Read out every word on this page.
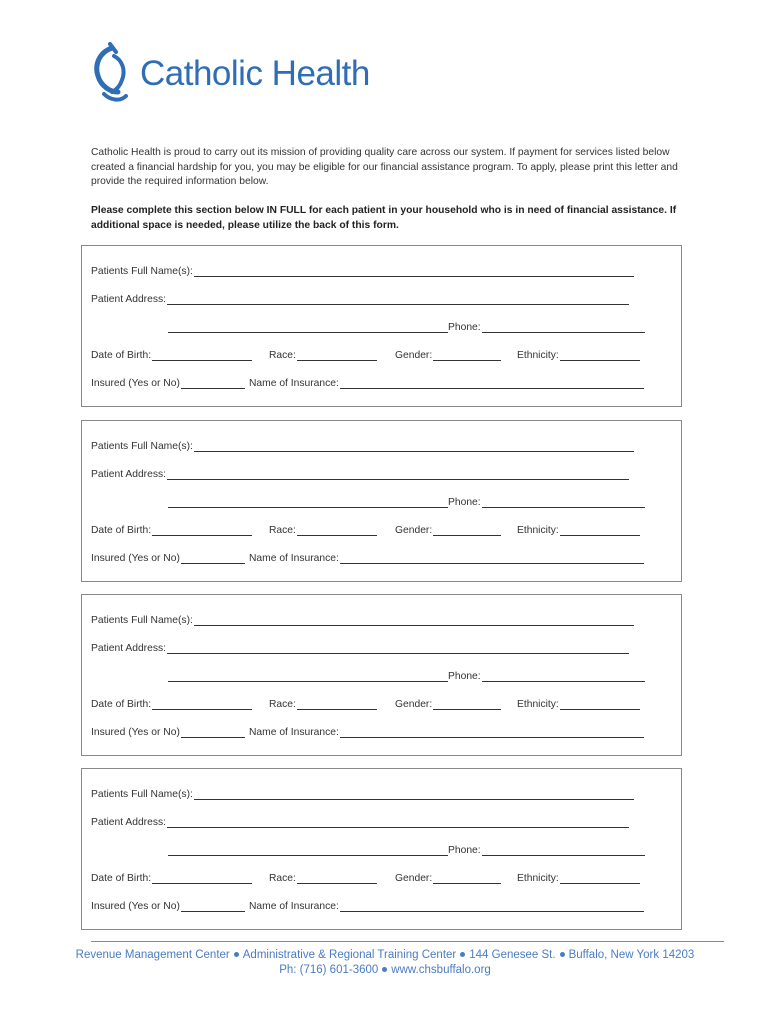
Catholic Health

Catholic Health is proud to carry out its mission of providing quality care across our system. If payment for services listed below created a financial hardship for you, you may be eligible for our financial assistance program. To apply, please print this letter and provide the required information below.

Please complete this section below IN FULL for each patient in your household who is in need of financial assistance. If additional space is needed, please utilize the back of this form.

Patients Full Name(s):
Patient Address:
Phone:
Date of Birth:	Race:	Gender:	Ethnicity:
Insured (Yes or No)	Name of Insurance:
Patients Full Name(s):
Patient Address:
Phone:
Date of Birth:	Race:	Gender:	Ethnicity:
Insured (Yes or No)	Name of Insurance:
Patients Full Name(s):
Patient Address:
Phone:
Date of Birth:	Race:	Gender:	Ethnicity:
Insured (Yes or No)	Name of Insurance:
Patients Full Name(s):
Patient Address:
Phone:
Date of Birth:	Race:	Gender:	Ethnicity:
Insured (Yes or No)	Name of Insurance:
Revenue Management Center Administrative & Regional Training Center 144 Genesee St. Buffalo, New York 14203
Ph: (716) 601-3600 www.chsbuffalo.org
